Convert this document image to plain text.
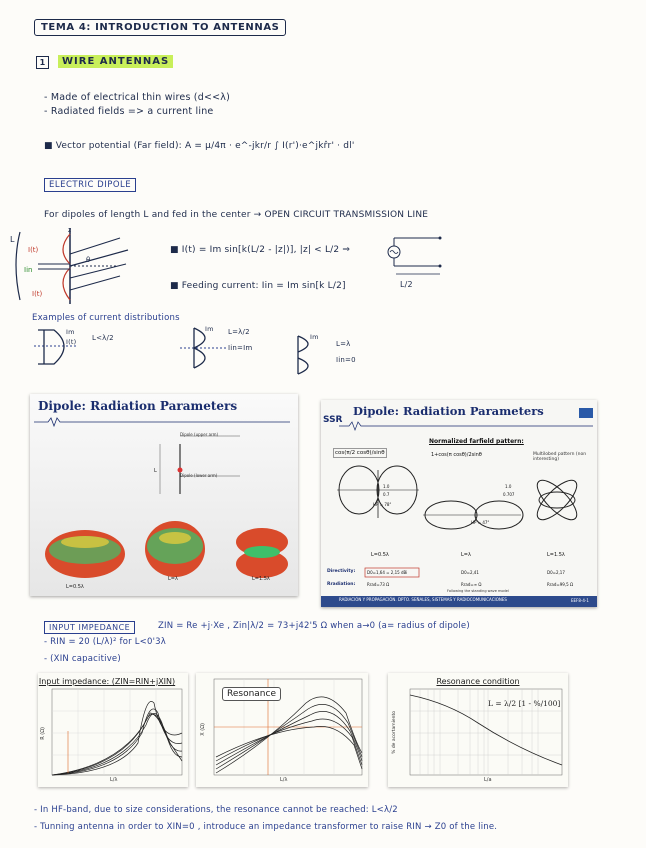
TEMA 4: INTRODUCTION TO ANTENNAS
1	WIRE ANTENNAS
- Made of electrical thin wires (d<<λ)
- Radiated fields => a current line
■ Vector potential (Far field): A = μ/4π · e^-jkr/r ∫ I(r')·e^jkr̂r' · dl'
ELECTRIC DIPOLE
For dipoles of length L and fed in the center → OPEN CIRCUIT TRANSMISSION LINE
L
z
θ
I(t)
Iin
I(t)
■ I(t) = Im sin[k(L/2 - |z|)], |z| < L/2 ⇒
■ Feeding current: Iin = Im sin[k L/2]	L/2
Examples of current distributions
Im
I(t) L<λ/2
Im L=λ/2
Iin=Im
Im
L=λ
Iin=0
Dipole: Radiation Parameters
L
Dipole (upper arm)
Dipole (lower arm)
L=0.5λ
L=λ	L=1.5λ
Dipole: Radiation Parameters
SSR
Normalized farfield pattern:
cos(π/2 cosθ)/sinθ	1+cos(π cosθ)/2sinθ	Multilobed pattern (non interesting)
1.0
0.7
1.0
0.707
HP = 78°
HP = 47°
L=0.5λ	L=λ	L=1.5λ
Directivity:	D0=1,64 = 2,15 dBi	D0=2,41	D0=2,17
Rradiation:	Rrad=73 Ω	Rrad=∞ Ω	Rrad=99,5 Ω
Following the standing wave model
RADIACIÓN Y PROPAGACIÓN. DPTO. SEÑALES, SISTEMAS Y RADIOCOMUNICACIONES	EEF8-4-1
INPUT IMPEDANCE	ZIN = Re +j·Xe , Zin|λ/2 = 73+j42'5 Ω when a→0 (a= radius of dipole)
- RIN = 20 (L/λ)² for L<0'3λ
- (XIN capacitive)
Input impedance: (ZIN=RIN+jXIN)
L/λ
R (Ω)
Resonance
L/λ
X (Ω)
Resonance condition
L = λ/2 [1 - %/100]
L/a
% de acortamiento
- In HF-band, due to size considerations, the resonance cannot be reached: L<λ/2
- Tunning antenna in order to XIN=0 , introduce an impedance transformer to raise RIN → Z0 of the line.
